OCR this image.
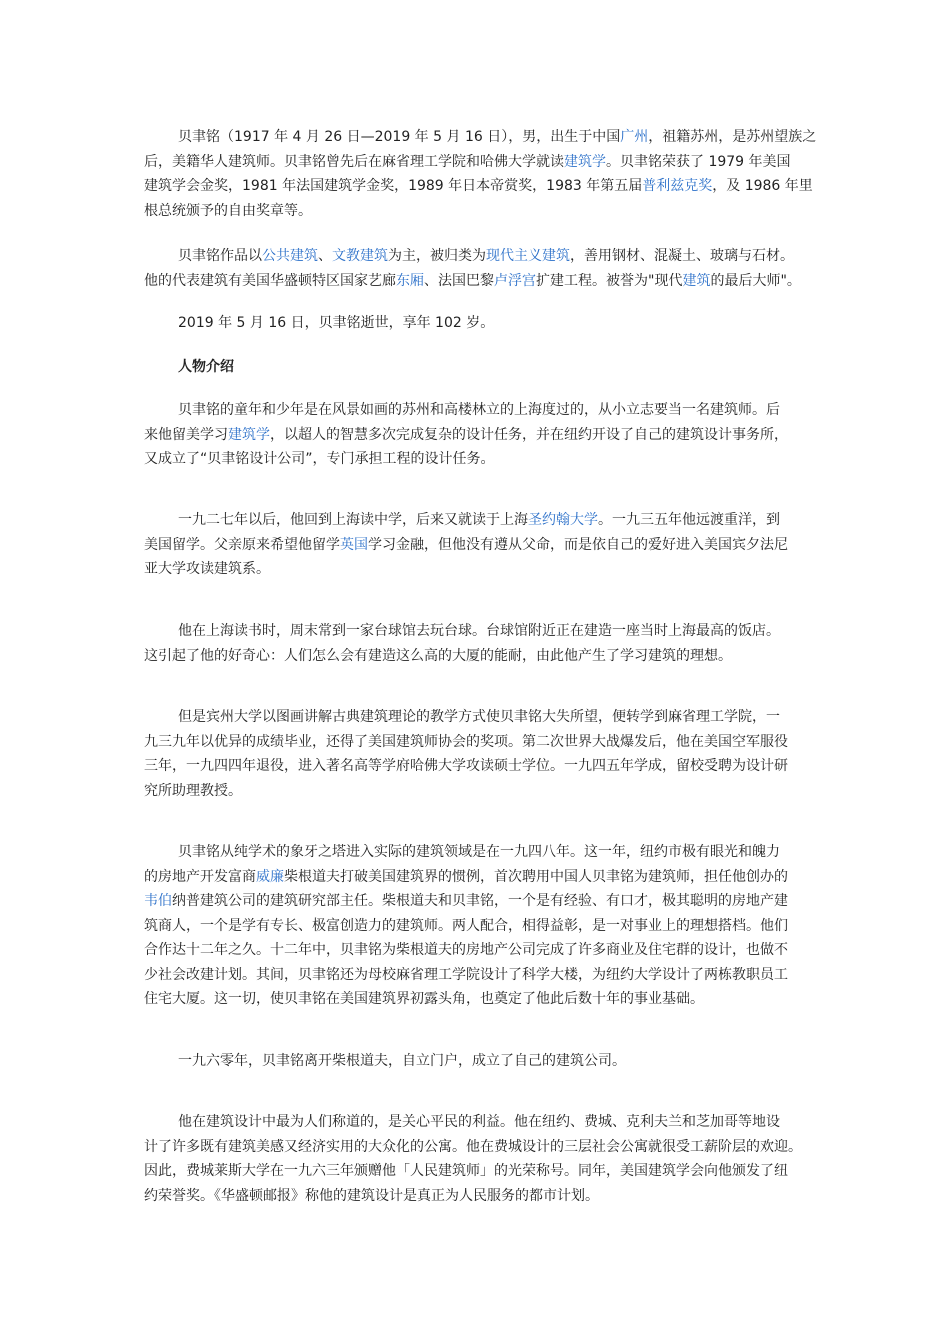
贝聿铭（1917 年 4 月 26 日—2019 年 5 月 16 日），男，出生于中国广州，祖籍苏州，是苏州望族之
后，美籍华人建筑师。贝聿铭曾先后在麻省理工学院和哈佛大学就读建筑学。贝聿铭荣获了 1979 年美国
建筑学会金奖，1981 年法国建筑学金奖，1989 年日本帝赏奖，1983 年第五届普利兹克奖，及 1986 年里
根总统颁予的自由奖章等。
贝聿铭作品以公共建筑、文教建筑为主，被归类为现代主义建筑，善用钢材、混凝土、玻璃与石材。
他的代表建筑有美国华盛顿特区国家艺廊东厢、法国巴黎卢浮宫扩建工程。被誉为"现代建筑的最后大师"。
2019 年 5 月 16 日，贝聿铭逝世，享年 102 岁。
人物介绍
贝聿铭的童年和少年是在风景如画的苏州和高楼林立的上海度过的，从小立志要当一名建筑师。后
来他留美学习建筑学，以超人的智慧多次完成复杂的设计任务，并在纽约开设了自己的建筑设计事务所，
又成立了“贝聿铭设计公司”，专门承担工程的设计任务。
一九二七年以后，他回到上海读中学，后来又就读于上海圣约翰大学。一九三五年他远渡重洋，到
美国留学。父亲原来希望他留学英国学习金融，但他没有遵从父命，而是依自己的爱好进入美国宾夕法尼
亚大学攻读建筑系。
他在上海读书时，周末常到一家台球馆去玩台球。台球馆附近正在建造一座当时上海最高的饭店。
这引起了他的好奇心：人们怎么会有建造这么高的大厦的能耐，由此他产生了学习建筑的理想。
但是宾州大学以图画讲解古典建筑理论的教学方式使贝聿铭大失所望，便转学到麻省理工学院，一
九三九年以优异的成绩毕业，还得了美国建筑师协会的奖项。第二次世界大战爆发后，他在美国空军服役
三年，一九四四年退役，进入著名高等学府哈佛大学攻读硕士学位。一九四五年学成，留校受聘为设计研
究所助理教授。
贝聿铭从纯学术的象牙之塔进入实际的建筑领域是在一九四八年。这一年，纽约市极有眼光和魄力
的房地产开发富商威廉柴根道夫打破美国建筑界的惯例，首次聘用中国人贝聿铭为建筑师，担任他创办的
韦伯纳普建筑公司的建筑研究部主任。柴根道夫和贝聿铭，一个是有经验、有口才，极其聪明的房地产建
筑商人，一个是学有专长、极富创造力的建筑师。两人配合，相得益彰，是一对事业上的理想搭档。他们
合作达十二年之久。十二年中，贝聿铭为柴根道夫的房地产公司完成了许多商业及住宅群的设计，也做不
少社会改建计划。其间，贝聿铭还为母校麻省理工学院设计了科学大楼，为纽约大学设计了两栋教职员工
住宅大厦。这一切，使贝聿铭在美国建筑界初露头角，也奠定了他此后数十年的事业基础。
一九六零年，贝聿铭离开柴根道夫，自立门户，成立了自己的建筑公司。
他在建筑设计中最为人们称道的，是关心平民的利益。他在纽约、费城、克利夫兰和芝加哥等地设
计了许多既有建筑美感又经济实用的大众化的公寓。他在费城设计的三层社会公寓就很受工薪阶层的欢迎。
因此，费城莱斯大学在一九六三年颁赠他「人民建筑师」的光荣称号。同年，美国建筑学会向他颁发了纽
约荣誉奖。《华盛顿邮报》称他的建筑设计是真正为人民服务的都市计划。
